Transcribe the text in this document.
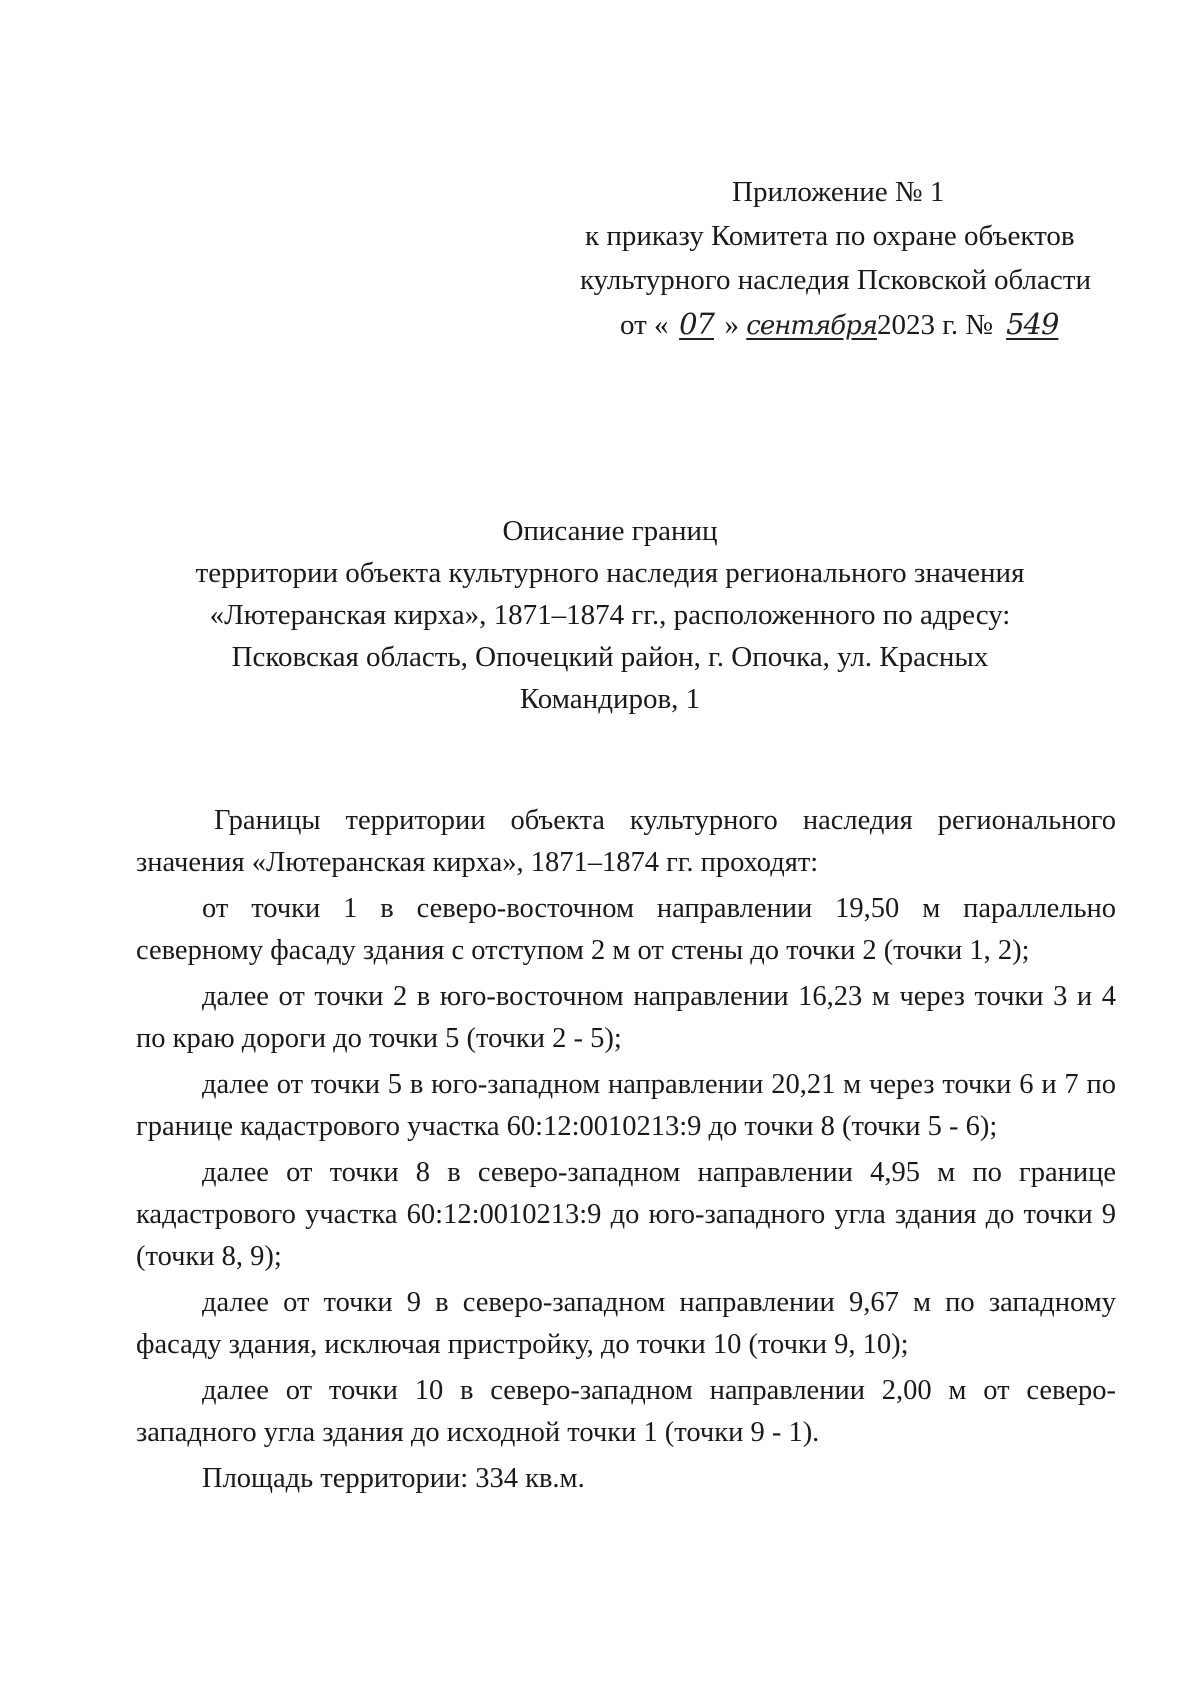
Приложение № 1
к приказу Комитета по охране объектов
культурного наследия Псковской области
от « 07 » сентября2023 г. № 549
Описание границ
территории объекта культурного наследия регионального значения
«Лютеранская кирха», 1871–1874 гг., расположенного по адресу:
Псковская область, Опочецкий район, г. Опочка, ул. Красных
Командиров, 1

Границы территории объекта культурного наследия регионального значения «Лютеранская кирха», 1871–1874 гг. проходят:

от точки 1 в северо-восточном направлении 19,50 м параллельно северному фасаду здания с отступом 2 м от стены до точки 2 (точки 1, 2);

далее от точки 2 в юго-восточном направлении 16,23 м через точки 3 и 4 по краю дороги до точки 5 (точки 2 - 5);

далее от точки 5 в юго-западном направлении 20,21 м через точки 6 и 7 по границе кадастрового участка 60:12:0010213:9 до точки 8 (точки 5 - 6);

далее от точки 8 в северо-западном направлении 4,95 м по границе кадастрового участка 60:12:0010213:9 до юго-западного угла здания до точки 9 (точки 8, 9);

далее от точки 9 в северо-западном направлении 9,67 м по западному фасаду здания, исключая пристройку, до точки 10 (точки 9, 10);

далее от точки 10 в северо-западном направлении 2,00 м от северо-западного угла здания до исходной точки 1 (точки 9 - 1).

Площадь территории: 334 кв.м.
